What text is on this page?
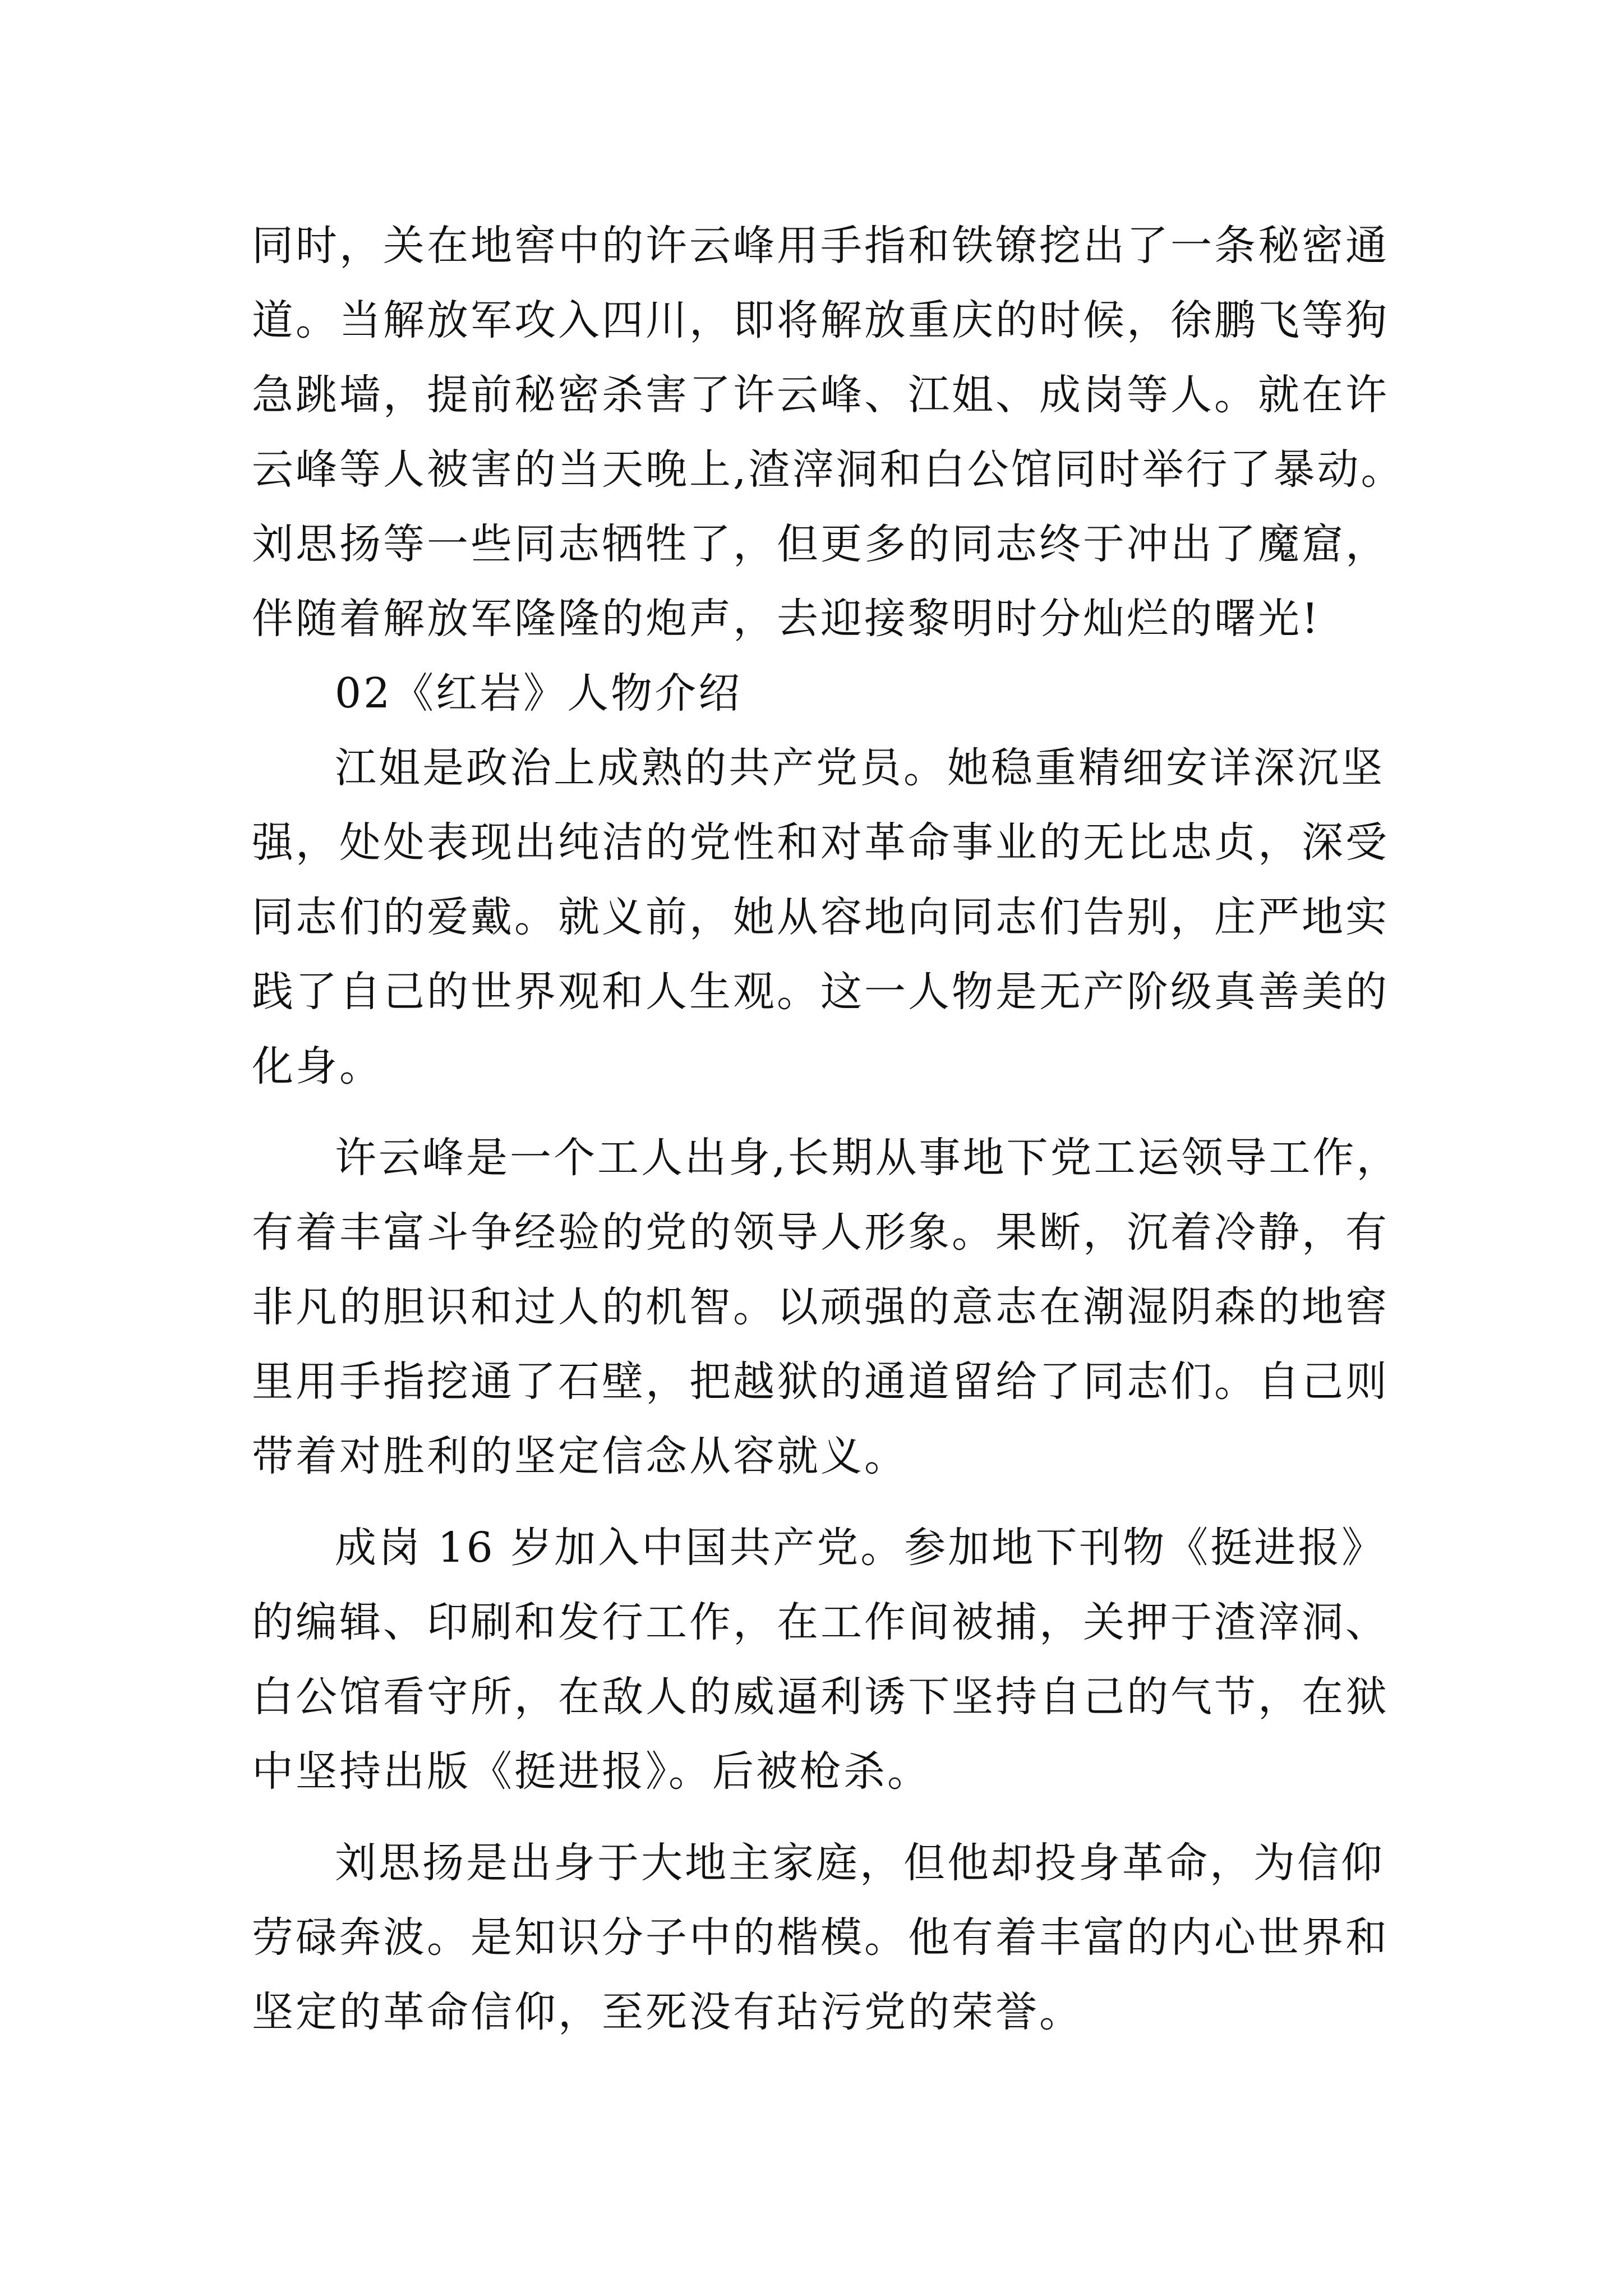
同时，关在地窖中的许云峰用手指和铁镣挖出了一条秘密通
道。当解放军攻入四川，即将解放重庆的时候，徐鹏飞等狗
急跳墙，提前秘密杀害了许云峰、江姐、成岗等人。就在许
云峰等人被害的当天晚上,渣滓洞和白公馆同时举行了暴动。
刘思扬等一些同志牺牲了，但更多的同志终于冲出了魔窟，
伴随着解放军隆隆的炮声，去迎接黎明时分灿烂的曙光!
02《红岩》人物介绍
江姐是政治上成熟的共产党员。她稳重精细安详深沉坚
强，处处表现出纯洁的党性和对革命事业的无比忠贞，深受
同志们的爱戴。就义前，她从容地向同志们告别，庄严地实
践了自己的世界观和人生观。这一人物是无产阶级真善美的
化身。
许云峰是一个工人出身,长期从事地下党工运领导工作，
有着丰富斗争经验的党的领导人形象。果断，沉着冷静，有
非凡的胆识和过人的机智。以顽强的意志在潮湿阴森的地窖
里用手指挖通了石壁，把越狱的通道留给了同志们。自己则
带着对胜利的坚定信念从容就义。
成岗 16 岁加入中国共产党。参加地下刊物《挺进报》
的编辑、印刷和发行工作，在工作间被捕，关押于渣滓洞、
白公馆看守所，在敌人的威逼利诱下坚持自己的气节，在狱
中坚持出版《挺进报》。后被枪杀。
刘思扬是出身于大地主家庭，但他却投身革命，为信仰
劳碌奔波。是知识分子中的楷模。他有着丰富的内心世界和
坚定的革命信仰，至死没有玷污党的荣誉。
